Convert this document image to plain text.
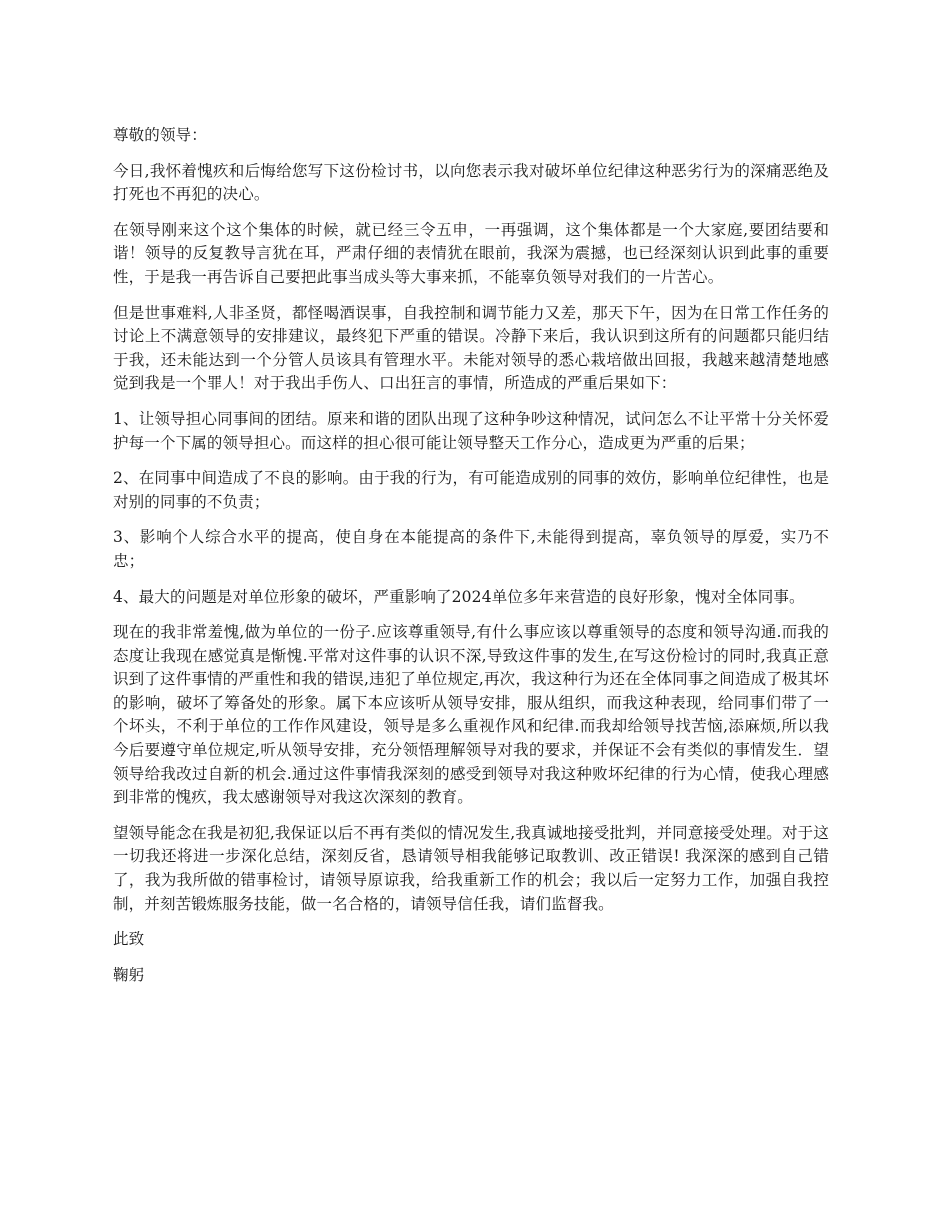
尊敬的领导：

今日,我怀着愧疚和后悔给您写下这份检讨书，以向您表示我对破坏单位纪律这种恶劣行为的深痛恶绝及打死也不再犯的决心。

在领导刚来这个这个集体的时候，就已经三令五申，一再强调，这个集体都是一个大家庭,要团结要和谐！领导的反复教导言犹在耳，严肃仔细的表情犹在眼前，我深为震撼，也已经深刻认识到此事的重要性，于是我一再告诉自己要把此事当成头等大事来抓，不能辜负领导对我们的一片苦心。

但是世事难料,人非圣贤，都怪喝酒误事，自我控制和调节能力又差，那天下午，因为在日常工作任务的讨论上不满意领导的安排建议，最终犯下严重的错误。冷静下来后，我认识到这所有的问题都只能归结于我，还未能达到一个分管人员该具有管理水平。未能对领导的悉心栽培做出回报，我越来越清楚地感觉到我是一个罪人！对于我出手伤人、口出狂言的事情，所造成的严重后果如下：

1、让领导担心同事间的团结。原来和谐的团队出现了这种争吵这种情况，试问怎么不让平常十分关怀爱护每一个下属的领导担心。而这样的担心很可能让领导整天工作分心，造成更为严重的后果；

2、在同事中间造成了不良的影响。由于我的行为，有可能造成别的同事的效仿，影响单位纪律性，也是对别的同事的不负责；

3、影响个人综合水平的提高，使自身在本能提高的条件下,未能得到提高，辜负领导的厚爱，实乃不忠；

4、最大的问题是对单位形象的破坏，严重影响了2024单位多年来营造的良好形象，愧对全体同事。

现在的我非常羞愧,做为单位的一份子.应该尊重领导,有什么事应该以尊重领导的态度和领导沟通.而我的态度让我现在感觉真是惭愧.平常对这件事的认识不深,导致这件事的发生,在写这份检讨的同时,我真正意识到了这件事情的严重性和我的错误,违犯了单位规定,再次，我这种行为还在全体同事之间造成了极其坏的影响，破坏了筹备处的形象。属下本应该听从领导安排，服从组织，而我这种表现，给同事们带了一个坏头，不利于单位的工作作风建设，领导是多么重视作风和纪律.而我却给领导找苦恼,添麻烦,所以我今后要遵守单位规定,听从领导安排，充分领悟理解领导对我的要求，并保证不会有类似的事情发生．望领导给我改过自新的机会.通过这件事情我深刻的感受到领导对我这种败坏纪律的行为心情，使我心理感到非常的愧疚，我太感谢领导对我这次深刻的教育。

望领导能念在我是初犯,我保证以后不再有类似的情况发生,我真诚地接受批判，并同意接受处理。对于这一切我还将进一步深化总结，深刻反省，恳请领导相我能够记取教训、改正错误! 我深深的感到自己错了，我为我所做的错事检讨，请领导原谅我，给我重新工作的机会；我以后一定努力工作，加强自我控制，并刻苦锻炼服务技能，做一名合格的，请领导信任我，请们监督我。

此致

鞠躬
